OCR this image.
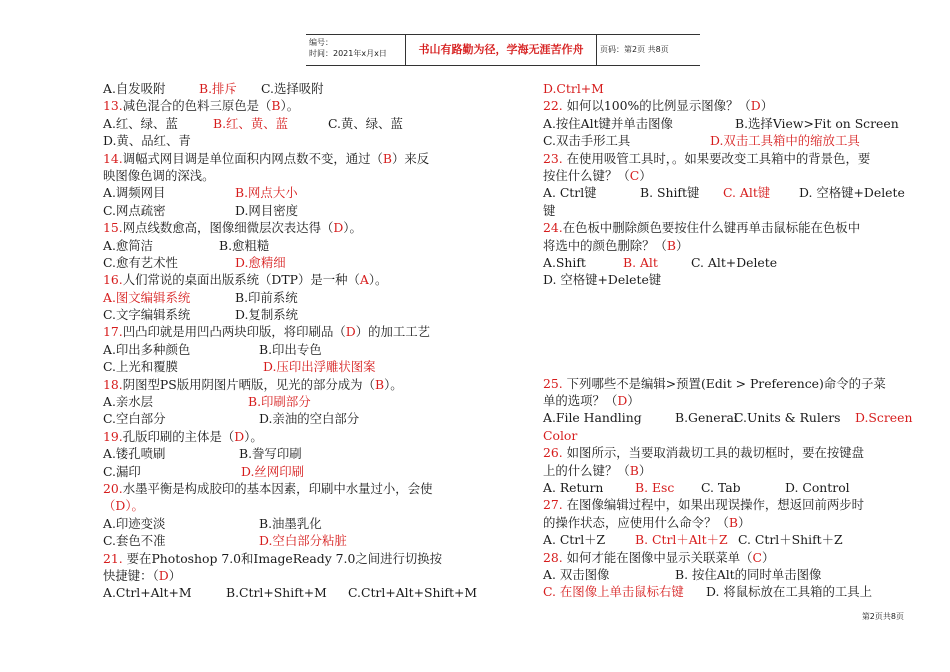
编号：
时间：2021年x月x日	书山有路勤为径，学海无涯苦作舟	页码：第2页 共8页
A.自发吸附	B.排斥 C.选择吸附
13.减色混合的色料三原色是（B）。
A.红、绿、蓝	B.红、黄、蓝	C.黄、绿、蓝
D.黄、品红、青
14.调幅式网目调是单位面积内网点数不变，通过（B）来反
映图像色调的深浅。
A.调频网目	B.网点大小
C.网点疏密	D.网目密度
15.网点线数愈高，图像细微层次表达得（D）。
A.愈简洁	B.愈粗糙
C.愈有艺术性	D.愈精细
16.人们常说的桌面出版系统（DTP）是一种（A）。
A.图文编辑系统	B.印前系统
C.文字编辑系统	D.复制系统
17.凹凸印就是用凹凸两块印版，将印刷品（D）的加工工艺
A.印出多种颜色	B.印出专色
C.上光和覆膜	D.压印出浮雕状图案
18.阴图型PS版用阴图片晒版，见光的部分成为（B）。
A.亲水层	B.印刷部分
C.空白部分	D.亲油的空白部分
19.孔版印刷的主体是（D）。
A.镂孔喷刷	B.誊写印刷
C.漏印	D.丝网印刷
20.水墨平衡是构成胶印的基本因素，印刷中水量过小，会使
（D）。
A.印迹变淡	B.油墨乳化
C.套色不准	D.空白部分粘脏
21. 要在Photoshop 7.0和ImageReady 7.0之间进行切换按
快捷键：（D）
A.Ctrl+Alt+M	B.Ctrl+Shift+M C.Ctrl+Alt+Shift+M
D.Ctrl+M
22. 如何以100%的比例显示图像？（D）
A.按住Alt键并单击图像	B.选择View>Fit on Screen
C.双击手形工具	D.双击工具箱中的缩放工具
23. 在使用吸管工具时，。如果要改变工具箱中的背景色，要
按住什么键？（C）
A. Ctrl键	B. Shift键 C. Alt键 D. 空格键+Delete
键
24.在色板中删除颜色要按住什么键再单击鼠标能在色板中
将选中的颜色删除？（B）
A.Shift	B. Alt	C. Alt+Delete
D. 空格键+Delete键
25. 下列哪些不是编辑>预置(Edit > Preference)命令的子菜
单的选项？（D）
A.File Handling	B.General
C.Units & Rulers D.Screen
Color
26. 如图所示，当要取消裁切工具的裁切框时，要在按键盘
上的什么键？（B）
A. Return	B. Esc C. Tab	D. Control
27. 在图像编辑过程中，如果出现误操作，想返回前两步时
的操作状态，应使用什么命令？（B）
A. Ctrl＋Z B. Ctrl＋Alt＋Z C. Ctrl＋Shift＋Z
28. 如何才能在图像中显示关联菜单（C）
A. 双击图像	B. 按住Alt的同时单击图像
C. 在图像上单击鼠标右键 D. 将鼠标放在工具箱的工具上
第2页共8页
